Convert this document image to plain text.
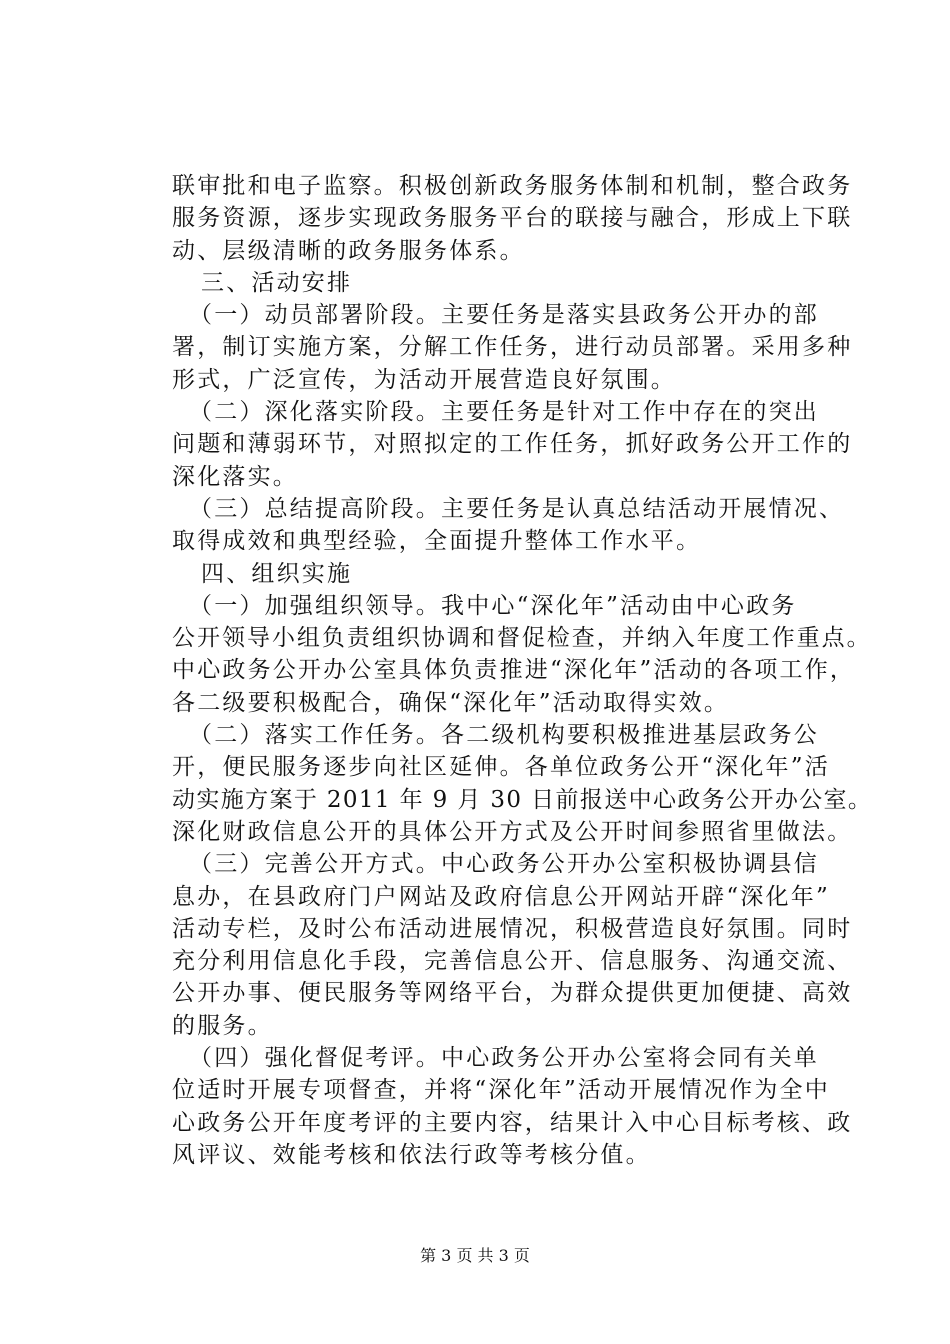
联审批和电子监察。积极创新政务服务体制和机制，整合政务
服务资源，逐步实现政务服务平台的联接与融合，形成上下联
动、层级清晰的政务服务体系。
三、活动安排
（一）动员部署阶段。主要任务是落实县政务公开办的部
署，制订实施方案，分解工作任务，进行动员部署。采用多种
形式，广泛宣传，为活动开展营造良好氛围。
（二）深化落实阶段。主要任务是针对工作中存在的突出
问题和薄弱环节，对照拟定的工作任务，抓好政务公开工作的
深化落实。
（三）总结提高阶段。主要任务是认真总结活动开展情况、
取得成效和典型经验，全面提升整体工作水平。
四、组织实施
（一）加强组织领导。我中心“深化年”活动由中心政务
公开领导小组负责组织协调和督促检查，并纳入年度工作重点。
中心政务公开办公室具体负责推进“深化年”活动的各项工作，
各二级要积极配合，确保“深化年”活动取得实效。
（二）落实工作任务。各二级机构要积极推进基层政务公
开，便民服务逐步向社区延伸。各单位政务公开“深化年”活
动实施方案于 2011 年 9 月 30 日前报送中心政务公开办公室。
深化财政信息公开的具体公开方式及公开时间参照省里做法。
（三）完善公开方式。中心政务公开办公室积极协调县信
息办，在县政府门户网站及政府信息公开网站开辟“深化年”
活动专栏，及时公布活动进展情况，积极营造良好氛围。同时
充分利用信息化手段，完善信息公开、信息服务、沟通交流、
公开办事、便民服务等网络平台，为群众提供更加便捷、高效
的服务。
（四）强化督促考评。中心政务公开办公室将会同有关单
位适时开展专项督查，并将“深化年”活动开展情况作为全中
心政务公开年度考评的主要内容，结果计入中心目标考核、政
风评议、效能考核和依法行政等考核分值。
第 3 页 共 3 页
